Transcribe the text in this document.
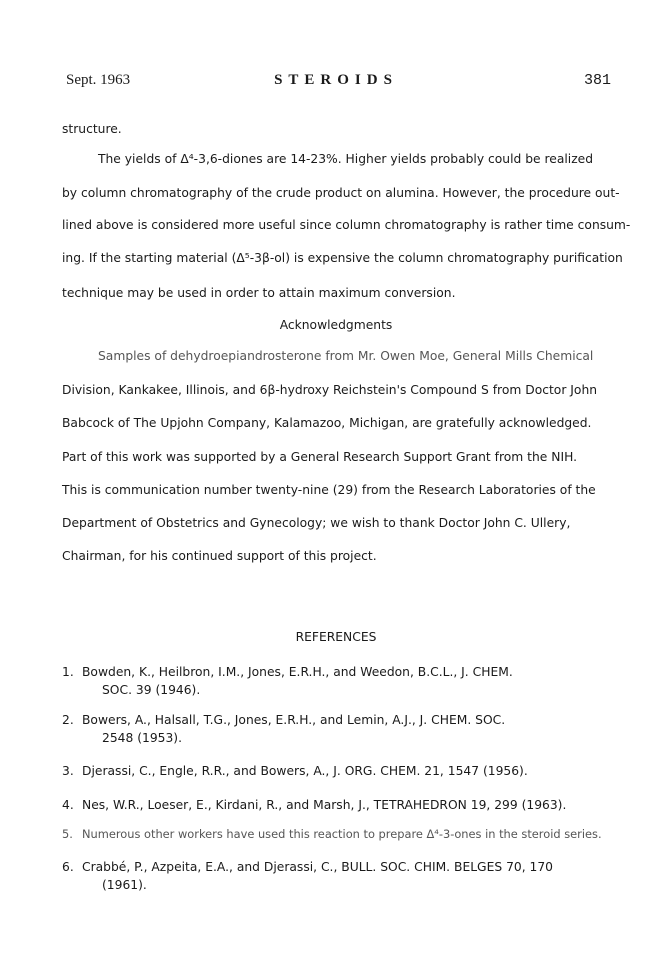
Sept. 1963	STEROIDS	381
structure.
The yields of Δ⁴-3,6-diones are 14-23%. Higher yields probably could be realized
by column chromatography of the crude product on alumina. However, the procedure out-
lined above is considered more useful since column chromatography is rather time consum-
ing. If the starting material (Δ⁵-3β-ol) is expensive the column chromatography purification
technique may be used in order to attain maximum conversion.
Acknowledgments
Samples of dehydroepiandrosterone from Mr. Owen Moe, General Mills Chemical
Division, Kankakee, Illinois, and 6β-hydroxy Reichstein's Compound S from Doctor John
Babcock of The Upjohn Company, Kalamazoo, Michigan, are gratefully acknowledged.
Part of this work was supported by a General Research Support Grant from the NIH.
This is communication number twenty-nine (29) from the Research Laboratories of the
Department of Obstetrics and Gynecology; we wish to thank Doctor John C. Ullery,
Chairman, for his continued support of this project.
REFERENCES
1. Bowden, K., Heilbron, I.M., Jones, E.R.H., and Weedon, B.C.L., J. CHEM.
SOC. 39 (1946).
2. Bowers, A., Halsall, T.G., Jones, E.R.H., and Lemin, A.J., J. CHEM. SOC.
2548 (1953).
3. Djerassi, C., Engle, R.R., and Bowers, A., J. ORG. CHEM. 21, 1547 (1956).
4. Nes, W.R., Loeser, E., Kirdani, R., and Marsh, J., TETRAHEDRON 19, 299 (1963).
5. Numerous other workers have used this reaction to prepare Δ⁴-3-ones in the steroid series.
6. Crabbé, P., Azpeita, E.A., and Djerassi, C., BULL. SOC. CHIM. BELGES 70, 170
(1961).
